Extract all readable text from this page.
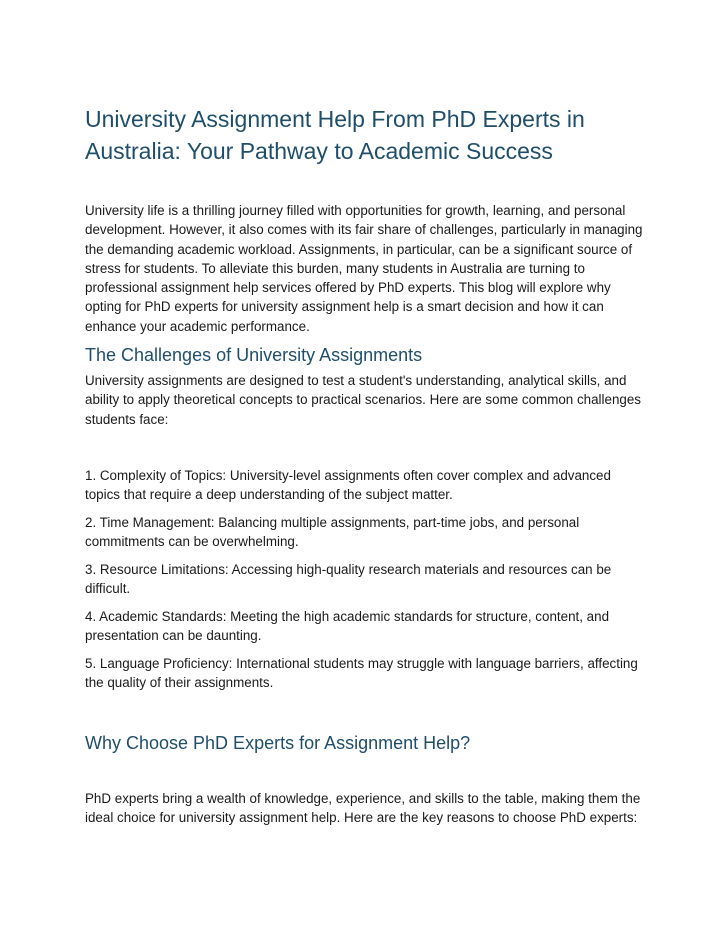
University Assignment Help From PhD Experts in Australia: Your Pathway to Academic Success

University life is a thrilling journey filled with opportunities for growth, learning, and personal development. However, it also comes with its fair share of challenges, particularly in managing the demanding academic workload. Assignments, in particular, can be a significant source of stress for students. To alleviate this burden, many students in Australia are turning to professional assignment help services offered by PhD experts. This blog will explore why opting for PhD experts for university assignment help is a smart decision and how it can enhance your academic performance.

The Challenges of University Assignments

University assignments are designed to test a student's understanding, analytical skills, and ability to apply theoretical concepts to practical scenarios. Here are some common challenges students face:

1. Complexity of Topics: University-level assignments often cover complex and advanced topics that require a deep understanding of the subject matter.

2. Time Management: Balancing multiple assignments, part-time jobs, and personal commitments can be overwhelming.

3. Resource Limitations: Accessing high-quality research materials and resources can be difficult.

4. Academic Standards: Meeting the high academic standards for structure, content, and presentation can be daunting.

5. Language Proficiency: International students may struggle with language barriers, affecting the quality of their assignments.

Why Choose PhD Experts for Assignment Help?

PhD experts bring a wealth of knowledge, experience, and skills to the table, making them the ideal choice for university assignment help. Here are the key reasons to choose PhD experts:
